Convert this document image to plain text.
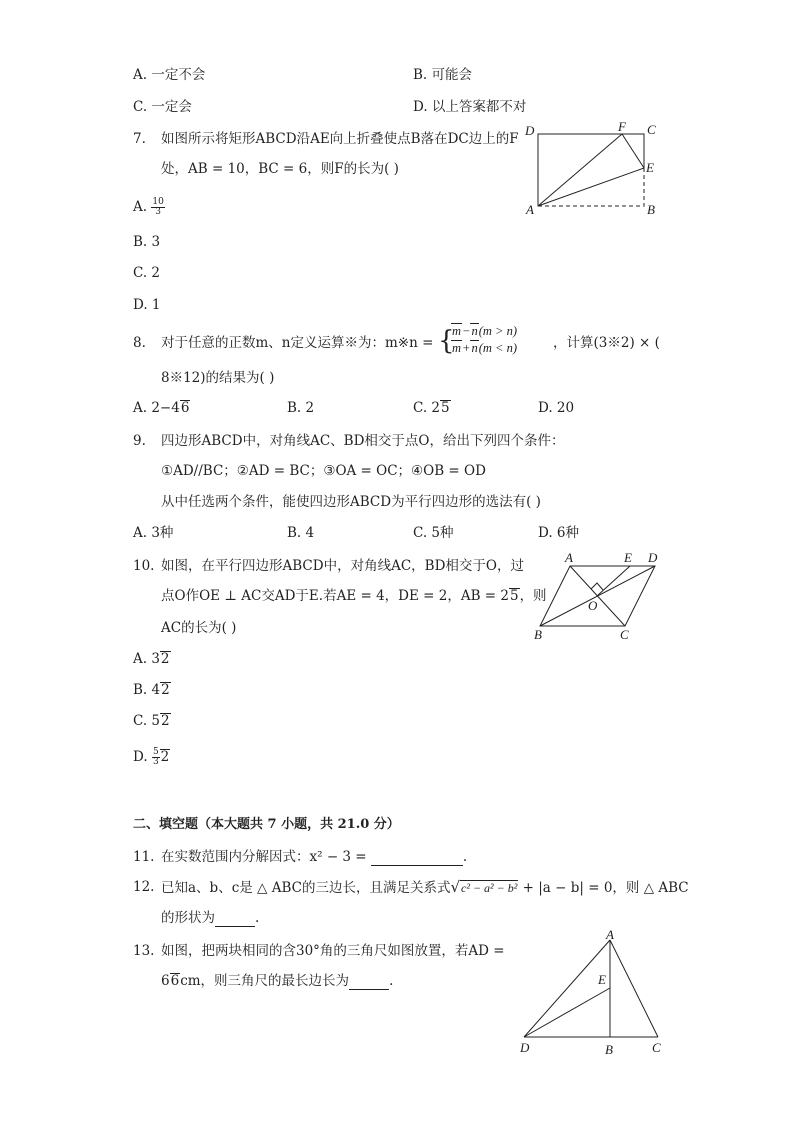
A. 一定不会	B. 可能会
C. 一定会	D. 以上答案都不对
7. 如图所示将矩形ABCD沿AE向上折叠使点B落在DC边上的F
处，AB = 10，BC = 6，则F的长为( )
A. $\frac{10}{3}$
B. 3
C. 2
D. 1
D	F C
E
A	B
8. 对于任意的正数m、n定义运算※为：m※n = {
m−n(m > n)
m+n(m < n)	，计算(3※2) × (
8※12)的结果为( )
A. 2−46	B. 2	C. 25	D. 20
9. 四边形ABCD中，对角线AC、BD相交于点O，给出下列四个条件：
①AD//BC；②AD = BC；③OA = OC；④OB = OD
从中任选两个条件，能使四边形ABCD为平行四边形的选法有( )
A. 3种	B. 4	C. 5种	D. 6种
10. 如图，在平行四边形ABCD中，对角线AC，BD相交于O，过
点O作OE ⊥ AC交AD于E.若AE = 4，DE = 2，AB = 25，则
AC的长为( )
A. 32
B. 42
C. 52
D. $\frac{5}{3} 2$
A	E D
O
B	C
二、填空题（本大题共 7 小题，共 21.0 分）
11. 在实数范围内分解因式：x² − 3 =	.
12. 已知a、b、c是 △ ABC的三边长，且满足关系式√c² − a² − b² + |a − b| = 0，则 △ ABC
的形状为	.
13. 如图，把两块相同的含30°角的三角尺如图放置，若AD =
66cm，则三角尺的最长边长为	.
A
E
D	B	C
